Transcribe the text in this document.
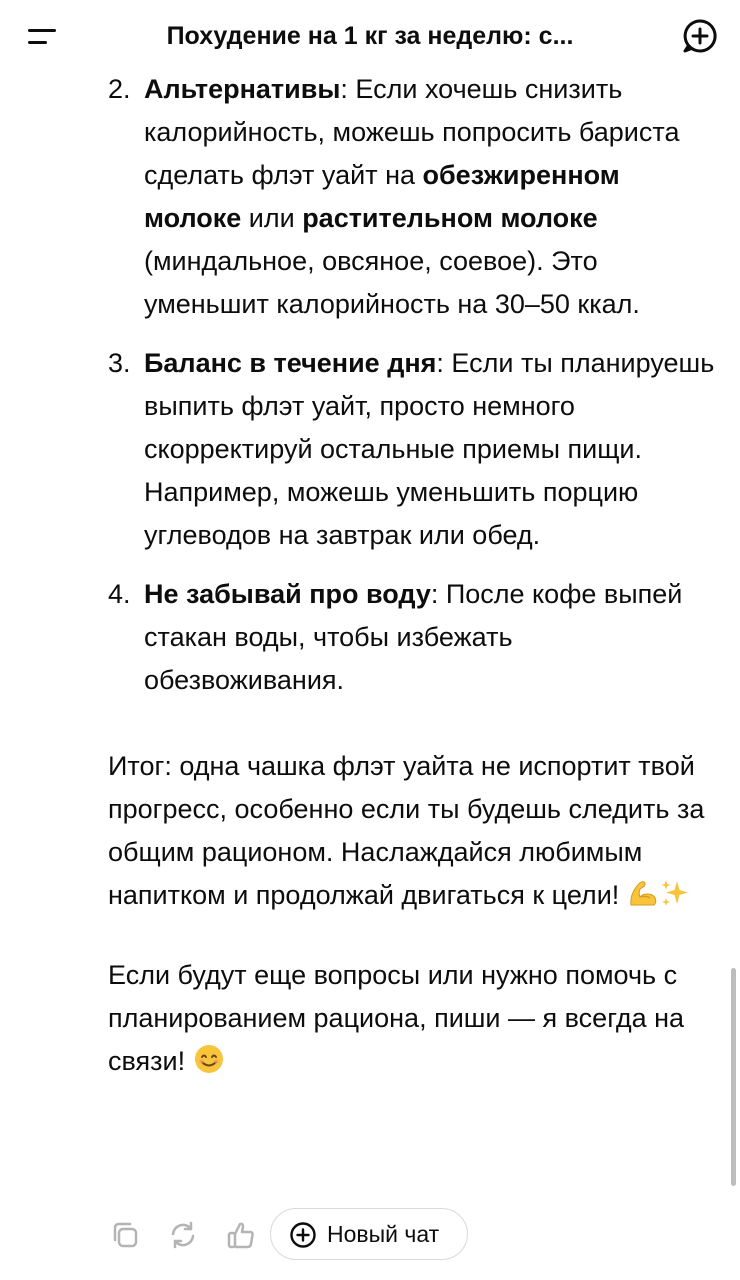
Похудение на 1 кг за неделю: с...
2. Альтернативы: Если хочешь снизить калорийность, можешь попросить бариста сделать флэт уайт на обезжиренном молоке или растительном молоке (миндальное, овсяное, соевое). Это уменьшит калорийность на 30–50 ккал.
3. Баланс в течение дня: Если ты планируешь выпить флэт уайт, просто немного скорректируй остальные приемы пищи. Например, можешь уменьшить порцию углеводов на завтрак или обед.
4. Не забывай про воду: После кофе выпей стакан воды, чтобы избежать обезвоживания.

Итог: одна чашка флэт уайта не испортит твой прогресс, особенно если ты будешь следить за общим рационом. Наслаждайся любимым напитком и продолжай двигаться к цели!

Если будут еще вопросы или нужно помочь с планированием рациона, пиши — я всегда на связи!

Новый чат
